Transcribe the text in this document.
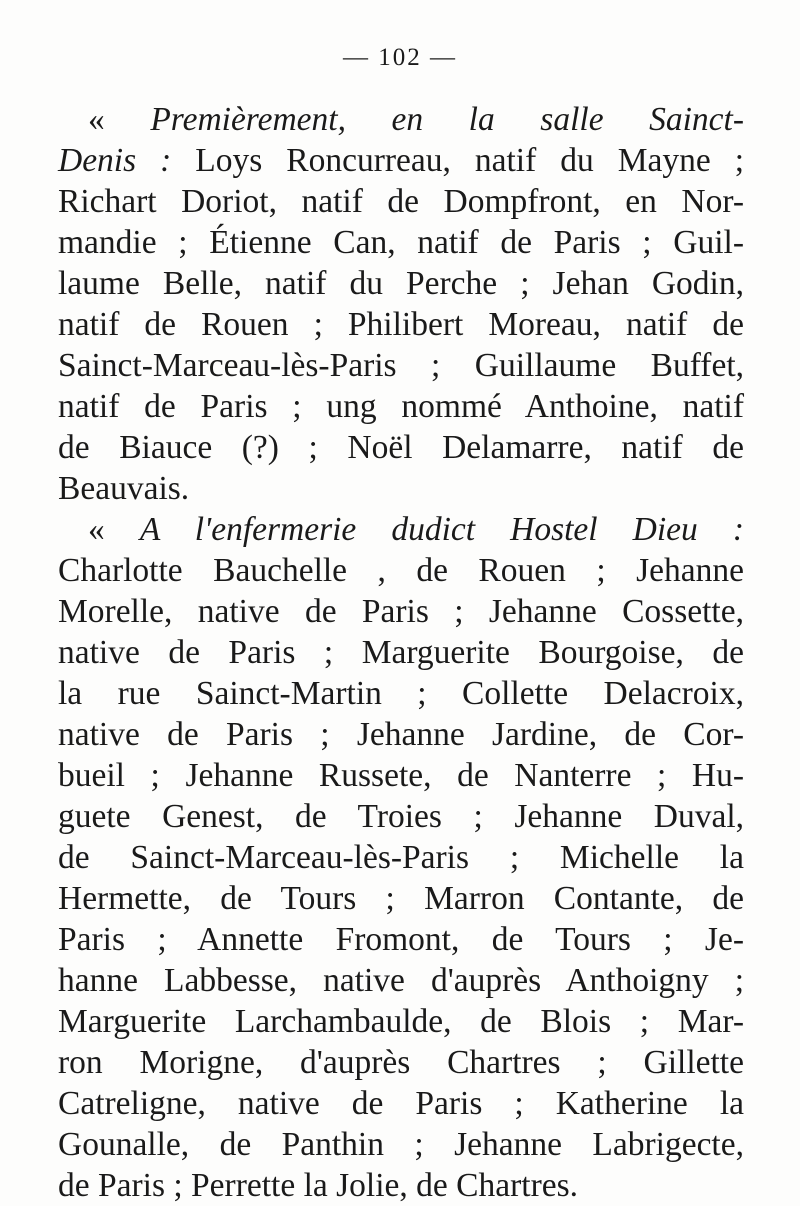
— 102 —
« Premièrement, en la salle Sainct-
Denis : Loys Roncurreau, natif du Mayne ;
Richart Doriot, natif de Dompfront, en Nor-
mandie ; Étienne Can, natif de Paris ; Guil-
laume Belle, natif du Perche ; Jehan Godin,
natif de Rouen ; Philibert Moreau, natif de
Sainct-Marceau-lès-Paris ; Guillaume Buffet,
natif de Paris ; ung nommé Anthoine, natif
de Biauce (?) ; Noël Delamarre, natif de
Beauvais.
« A l'enfermerie dudict Hostel Dieu :
Charlotte Bauchelle , de Rouen ; Jehanne
Morelle, native de Paris ; Jehanne Cossette,
native de Paris ; Marguerite Bourgoise, de
la rue Sainct-Martin ; Collette Delacroix,
native de Paris ; Jehanne Jardine, de Cor-
bueil ; Jehanne Russete, de Nanterre ; Hu-
guete Genest, de Troies ; Jehanne Duval,
de Sainct-Marceau-lès-Paris ; Michelle la
Hermette, de Tours ; Marron Contante, de
Paris ; Annette Fromont, de Tours ; Je-
hanne Labbesse, native d'auprès Anthoigny ;
Marguerite Larchambaulde, de Blois ; Mar-
ron Morigne, d'auprès Chartres ; Gillette
Catreligne, native de Paris ; Katherine la
Gounalle, de Panthin ; Jehanne Labrigecte,
de Paris ; Perrette la Jolie, de Chartres.
